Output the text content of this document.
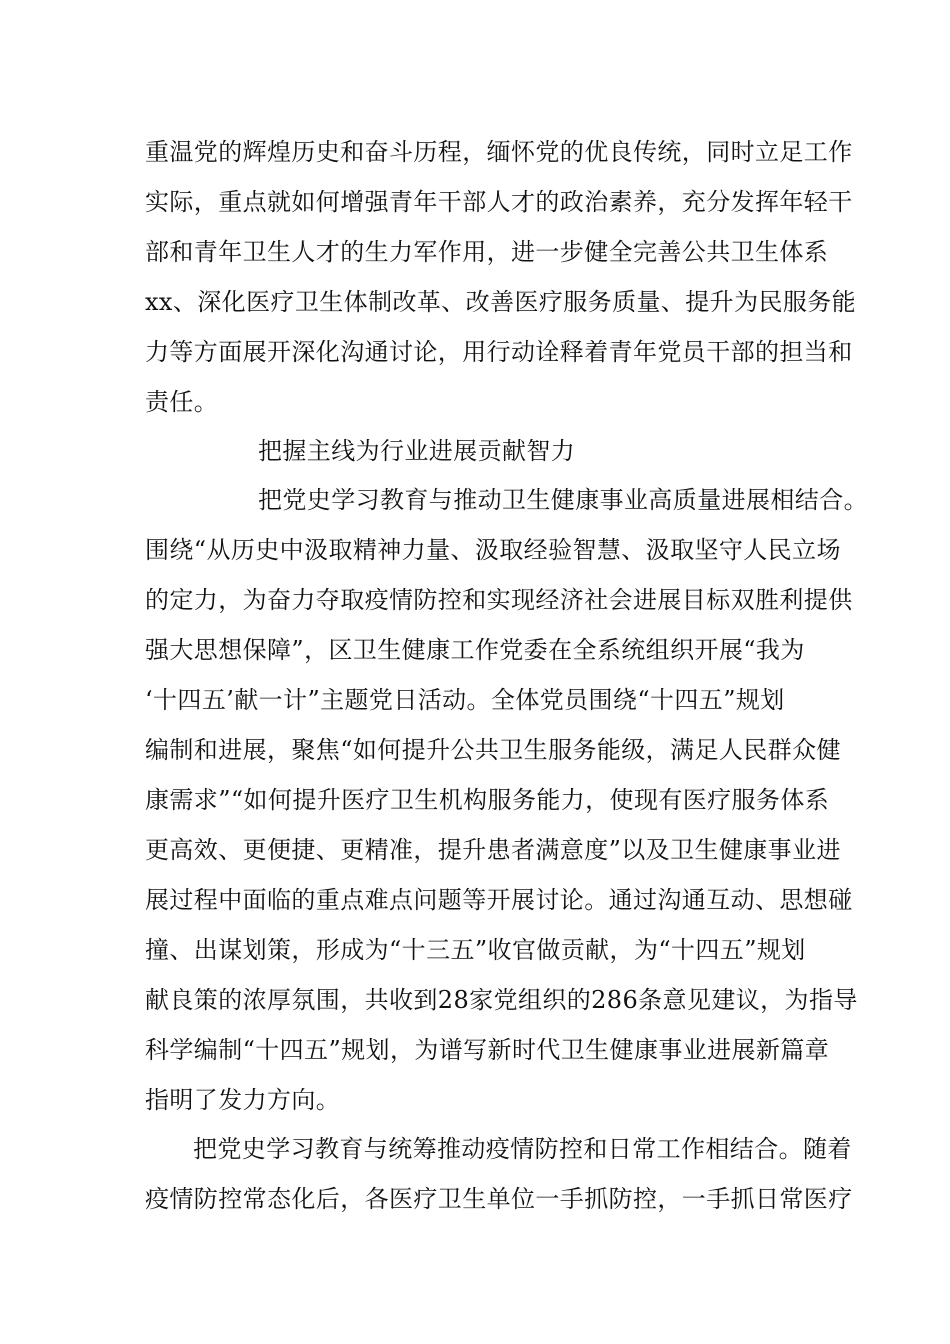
重温党的辉煌历史和奋斗历程，缅怀党的优良传统，同时立足工作
实际，重点就如何增强青年干部人才的政治素养，充分发挥年轻干
部和青年卫生人才的生力军作用，进一步健全完善公共卫生体系
xx、深化医疗卫生体制改革、改善医疗服务质量、提升为民服务能
力等方面展开深化沟通讨论，用行动诠释着青年党员干部的担当和
责任。
把握主线为行业进展贡献智力
把党史学习教育与推动卫生健康事业高质量进展相结合。
围绕“从历史中汲取精神力量、汲取经验智慧、汲取坚守人民立场
的定力，为奋力夺取疫情防控和实现经济社会进展目标双胜利提供
强大思想保障”，区卫生健康工作党委在全系统组织开展“我为
‘十四五’献一计”主题党日活动。全体党员围绕“十四五”规划
编制和进展，聚焦“如何提升公共卫生服务能级，满足人民群众健
康需求”“如何提升医疗卫生机构服务能力，使现有医疗服务体系
更高效、更便捷、更精准，提升患者满意度”以及卫生健康事业进
展过程中面临的重点难点问题等开展讨论。通过沟通互动、思想碰
撞、出谋划策，形成为“十三五”收官做贡献，为“十四五”规划
献良策的浓厚氛围，共收到28家党组织的286条意见建议，为指导
科学编制“十四五”规划，为谱写新时代卫生健康事业进展新篇章
指明了发力方向。
把党史学习教育与统筹推动疫情防控和日常工作相结合。随着
疫情防控常态化后，各医疗卫生单位一手抓防控，一手抓日常医疗
